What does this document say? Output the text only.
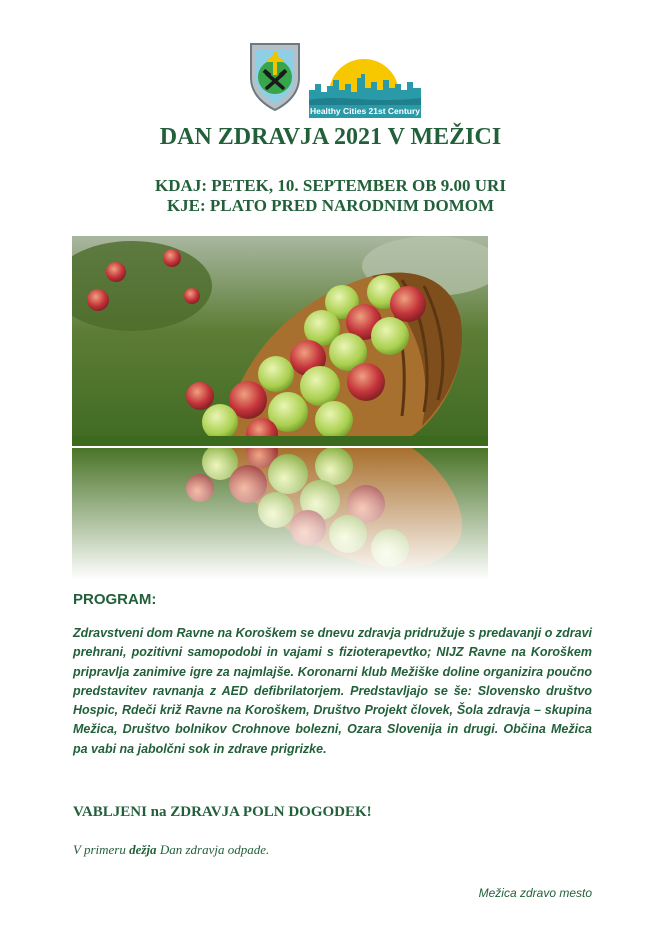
Healthy Cities 21st Century
DAN ZDRAVJA 2021 V MEŽICI

KDAJ: PETEK, 10. SEPTEMBER OB 9.00 URI

KJE: PLATO PRED NARODNIM DOMOM

PROGRAM:

Zdravstveni dom Ravne na Koroškem se dnevu zdravja pridružuje s predavanji o zdravi prehrani, pozitivni samopodobi in vajami s fizioterapevtko; NIJZ Ravne na Koroškem pripravlja zanimive igre za najmlajše. Koronarni klub Mežiške doline organizira poučno predstavitev ravnanja z AED defibrilatorjem. Predstavljajo se še: Slovensko društvo Hospic, Rdeči križ Ravne na Koroškem, Društvo Projekt človek, Šola zdravja – skupina Mežica, Društvo bolnikov Crohnove bolezni, Ozara Slovenija in drugi. Občina Mežica pa vabi na jabolčni sok in zdrave prigrizke.

VABLJENI na ZDRAVJA POLN DOGODEK!

V primeru dežja Dan zdravja odpade.

Mežica zdravo mesto
